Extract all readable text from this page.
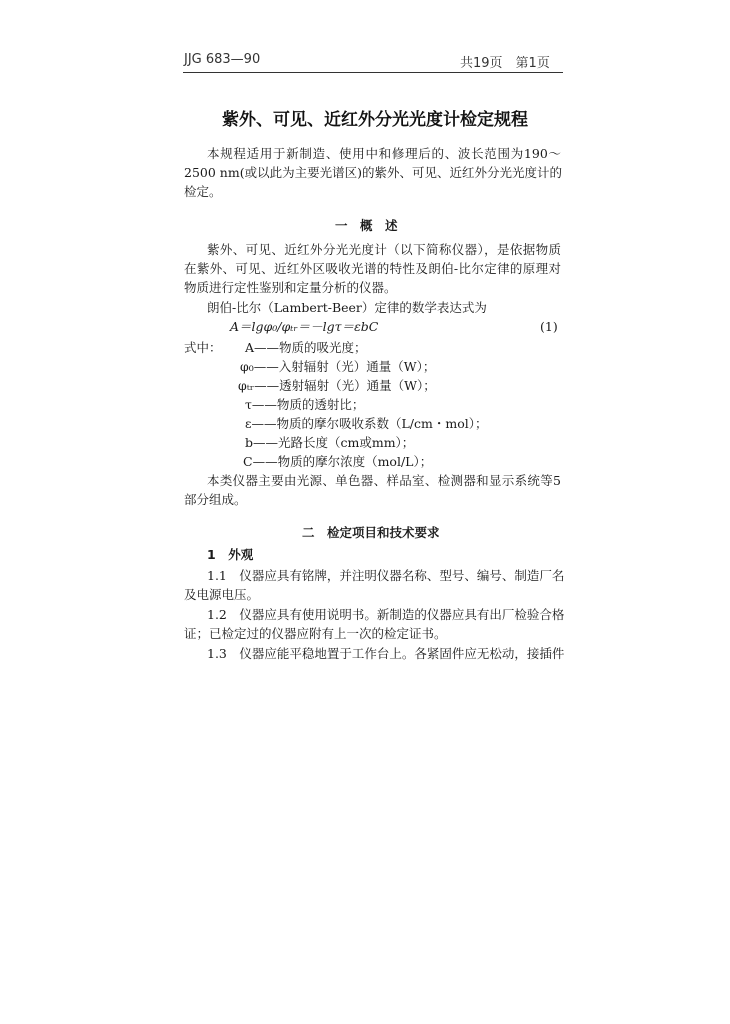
JJG 683—90	共19页　第1页
紫外、可见、近红外分光光度计检定规程
本规程适用于新制造、使用中和修理后的、波长范围为190～
2500 nm(或以此为主要光谱区)的紫外、可见、近红外分光光度计的
检定。
一　概　述
紫外、可见、近红外分光光度计（以下简称仪器），是依据物质
在紫外、可见、近红外区吸收光谱的特性及朗伯-比尔定律的原理对
物质进行定性鉴别和定量分析的仪器。
朗伯-比尔（Lambert-Beer）定律的数学表达式为
A＝lgφ₀/φₜᵣ＝－lgτ＝εbC	(1)
式中： A——物质的吸光度；
φ₀——入射辐射（光）通量（W）；
φₜᵣ——透射辐射（光）通量（W）；
τ——物质的透射比；
ε——物质的摩尔吸收系数（L/cm・mol）；
b——光路长度（cm或mm）；
C——物质的摩尔浓度（mol/L）；
本类仪器主要由光源、单色器、样品室、检测器和显示系统等5
部分组成。
二　检定项目和技术要求
1　外观
1.1　仪器应具有铭牌，并注明仪器名称、型号、编号、制造厂名
及电源电压。
1.2　仪器应具有使用说明书。新制造的仪器应具有出厂检验合格
证；已检定过的仪器应附有上一次的检定证书。
1.3　仪器应能平稳地置于工作台上。各紧固件应无松动，接插件
